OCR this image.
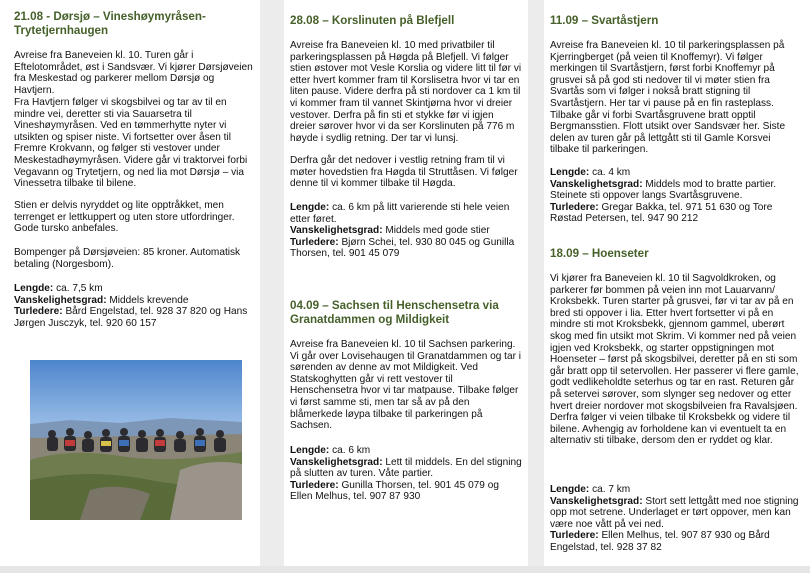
21.08 - Dørsjø – Vineshøymyråsen-Trytetjernhaugen

Avreise fra Baneveien kl. 10. Turen går i Eftelotområdet, øst i Sandsvær. Vi kjører Dørsjøveien fra Meskestad og parkerer mellom Dørsjø og Havtjern.

Fra Havtjern følger vi skogsbilvei og tar av til en mindre vei, deretter sti via Sauarsetra til Vineshøymyråsen. Ved en tømmerhytte nyter vi utsikten og spiser niste. Vi fortsetter over åsen til Fremre Krokvann, og følger sti vestover under Meskestadhøymyråsen. Videre går vi traktorvei forbi Vegavann og Trytetjern, og ned lia mot Dørsjø – via Vinessetra tilbake til bilene.

Stien er delvis nyryddet og lite opptråkket, men terrenget er lettkuppert og uten store utfordringer. Gode tursko anbefales.

Bompenger på Dørsjøveien: 85 kroner. Automatisk betaling (Norgesbom).

Lengde: ca. 7,5 km
Vanskelighetsgrad: Middels krevende
Turledere: Bård Engelstad, tel. 928 37 820 og Hans Jørgen Jusczyk, tel. 920 60 157
28.08 – Korslinuten på Blefjell

Avreise fra Baneveien kl. 10 med privatbiler til parkeringsplassen på Høgda på Blefjell. Vi følger stien østover mot Vesle Korslia og videre litt til før vi etter hvert kommer fram til Korslisetra hvor vi tar en liten pause. Videre derfra på sti nordover ca 1 km til vi kommer fram til vannet Skintjørna hvor vi dreier vestover. Derfra på fin sti et stykke før vi igjen dreier sørover hvor vi da ser Korslinuten på 776 m høyde i sydlig retning. Der tar vi lunsj.

Derfra går det nedover i vestlig retning fram til vi møter hovedstien fra Høgda til Struttåsen. Vi følger denne til vi kommer tilbake til Høgda.

Lengde: ca. 6 km på litt varierende sti hele veien etter føret.
Vanskelighetsgrad: Middels med gode stier
Turledere: Bjørn Schei, tel. 930 80 045 og Gunilla Thorsen, tel. 901 45 079
04.09 – Sachsen til Henschensetra via Granatdammen og Mildigkeit

Avreise fra Baneveien kl. 10 til Sachsen parkering. Vi går over Lovisehaugen til Granatdammen og tar i sørenden av denne av mot Mildigkeit. Ved Statskoghytten går vi rett vestover til Henschensetra hvor vi tar matpause. Tilbake følger vi først samme sti, men tar så av på den blåmerkede løypa tilbake til parkeringen på Sachsen.

Lengde: ca. 6 km
Vanskelighetsgrad: Lett til middels. En del stigning på slutten av turen. Våte partier.
Turledere: Gunilla Thorsen, tel. 901 45 079 og Ellen Melhus, tel. 907 87 930
11.09 – Svartåstjern

Avreise fra Baneveien kl. 10 til parkeringsplassen på Kjerringberget (på veien til Knoffemyr). Vi følger merkingen til Svartåstjern, først forbi Knoffemyr på grusvei så på god sti nedover til vi møter stien fra Svartås som vi følger i nokså bratt stigning til Svartåstjern. Her tar vi pause på en fin rasteplass. Tilbake går vi forbi Svartåsgruvene bratt opptil Bergmansstien. Flott utsikt over Sandsvær her. Siste delen av turen går på lettgått sti til Gamle Korsvei tilbake til parkeringen.

Lengde: ca. 4 km
Vanskelighetsgrad: Middels mod to bratte partier. Steinete sti oppover langs Svartåsgruvene.
Turledere: Gregar Bakka, tel. 971 51 630 og Tore Røstad Petersen, tel. 947 90 212
18.09 – Hoenseter

Vi kjører fra Baneveien kl. 10 til Sagvoldkroken, og parkerer før bommen på veien inn mot Lauarvann/ Kroksbekk. Turen starter på grusvei, før vi tar av på en bred sti oppover i lia. Etter hvert fortsetter vi på en mindre sti mot Kroksbekk, gjennom gammel, uberørt skog med fin utsikt mot Skrim. Vi kommer ned på veien igjen ved Kroksbekk, og starter oppstigningen mot Hoenseter – først på skogsbilvei, deretter på en sti som går bratt opp til setervollen. Her passerer vi flere gamle, godt vedlikeholdte seterhus og tar en rast. Returen går på setervei sørover, som slynger seg nedover og etter hvert dreier nordover mot skogsbilveien fra Ravalsjøen. Derfra følger vi veien tilbake til Kroksbekk og videre til bilene. Avhengig av forholdene kan vi eventuelt ta en alternativ sti tilbake, dersom den er ryddet og klar.

Lengde: ca. 7 km
Vanskelighetsgrad: Stort sett lettgått med noe stigning opp mot setrene. Underlaget er tørt oppover, men kan være noe vått på vei ned.
Turledere: Ellen Melhus, tel. 907 87 930 og Bård Engelstad, tel. 928 37 82
